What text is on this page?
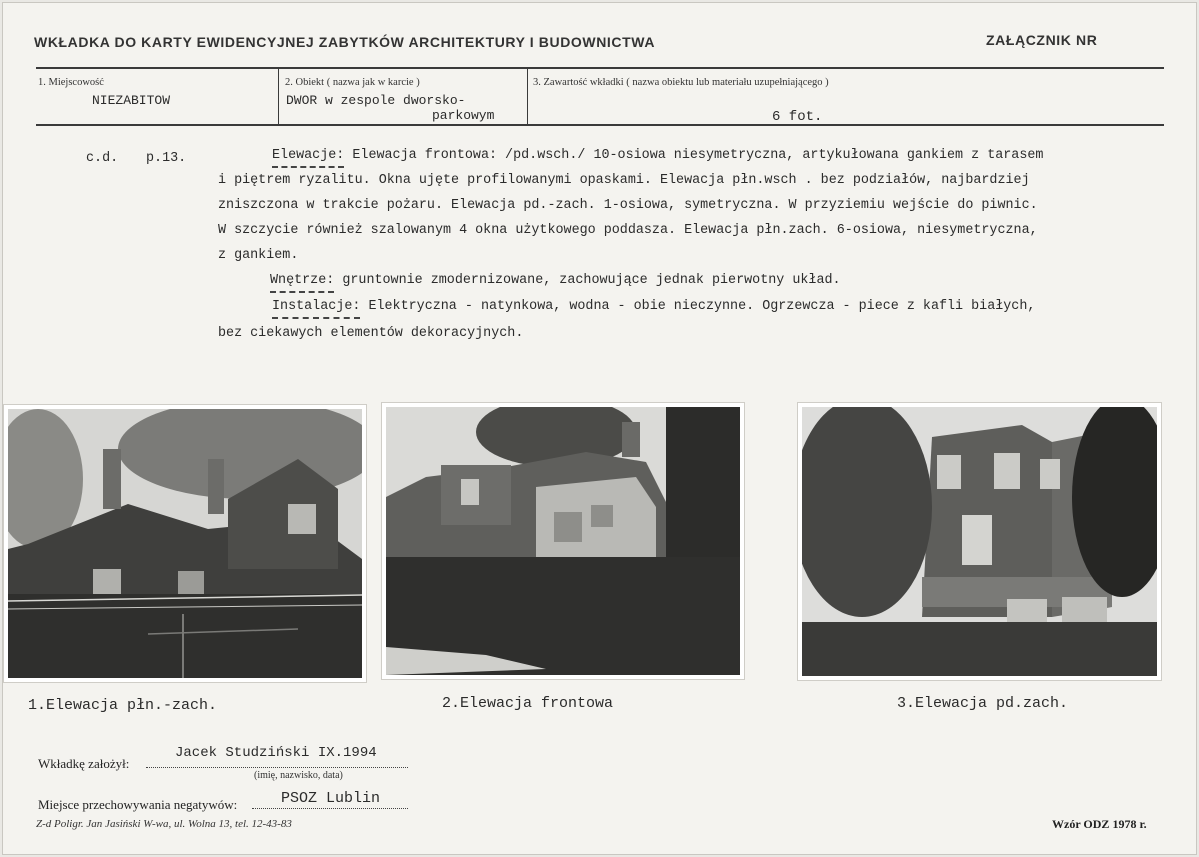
WKŁADKA DO KARTY EWIDENCYJNEJ ZABYTKÓW ARCHITEKTURY I BUDOWNICTWA	ZAŁĄCZNIK NR
1. Miejscowość
NIEZABITOW
2. Obiekt ( nazwa jak w karcie )
DWOR w zespole dworsko-
parkowym
3. Zawartość wkładki ( nazwa obiektu lub materiału uzupełniającego )
6 fot.
c.d. p.13.	Elewacje: Elewacja frontowa: /pd.wsch./ 10-osiowa niesymetryczna, artykułowana gankiem z tarasem
i piętrem ryzalitu. Okna ujęte profilowanymi opaskami. Elewacja płn.wsch . bez podziałów, najbardziej
zniszczona w trakcie pożaru. Elewacja pd.-zach. 1-osiowa, symetryczna. W przyziemiu wejście do piwnic.
W szczycie również szalowanym 4 okna użytkowego poddasza. Elewacja płn.zach. 6-osiowa, niesymetryczna,
z gankiem.
Wnętrze: gruntownie zmodernizowane, zachowujące jednak pierwotny układ.
Instalacje: Elektryczna - natynkowa, wodna - obie nieczynne. Ogrzewcza - piece z kafli białych,
bez ciekawych elementów dekoracyjnych.
1.Elewacja płn.-zach.	2.Elewacja frontowa	3.Elewacja pd.zach.
Wkładkę założył:
Jacek Studziński IX.1994
(imię, nazwisko, data)
Miejsce przechowywania negatywów:	PSOZ Lublin
Z-d Poligr. Jan Jasiński W-wa, ul. Wolna 13, tel. 12-43-83	Wzór ODZ 1978 r.
